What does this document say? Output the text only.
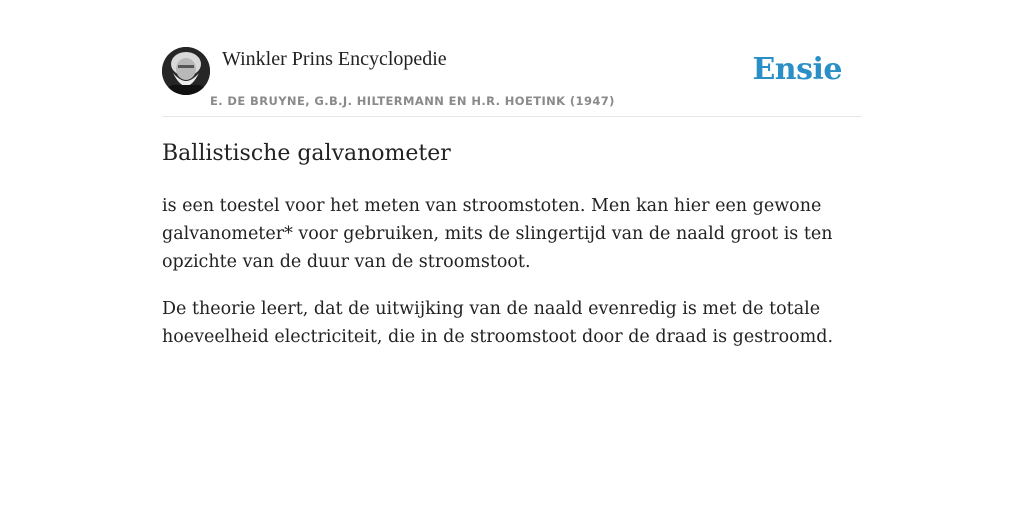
Winkler Prins Encyclopedie
E. DE BRUYNE, G.B.J. HILTERMANN EN H.R. HOETINK (1947)
Ensie
Ballistische galvanometer

is een toestel voor het meten van stroomstoten. Men kan hier een gewone galvanometer* voor gebruiken, mits de slingertijd van de naald groot is ten opzichte van de duur van de stroomstoot.

De theorie leert, dat de uitwijking van de naald evenredig is met de totale hoeveelheid electriciteit, die in de stroomstoot door de draad is gestroomd.
